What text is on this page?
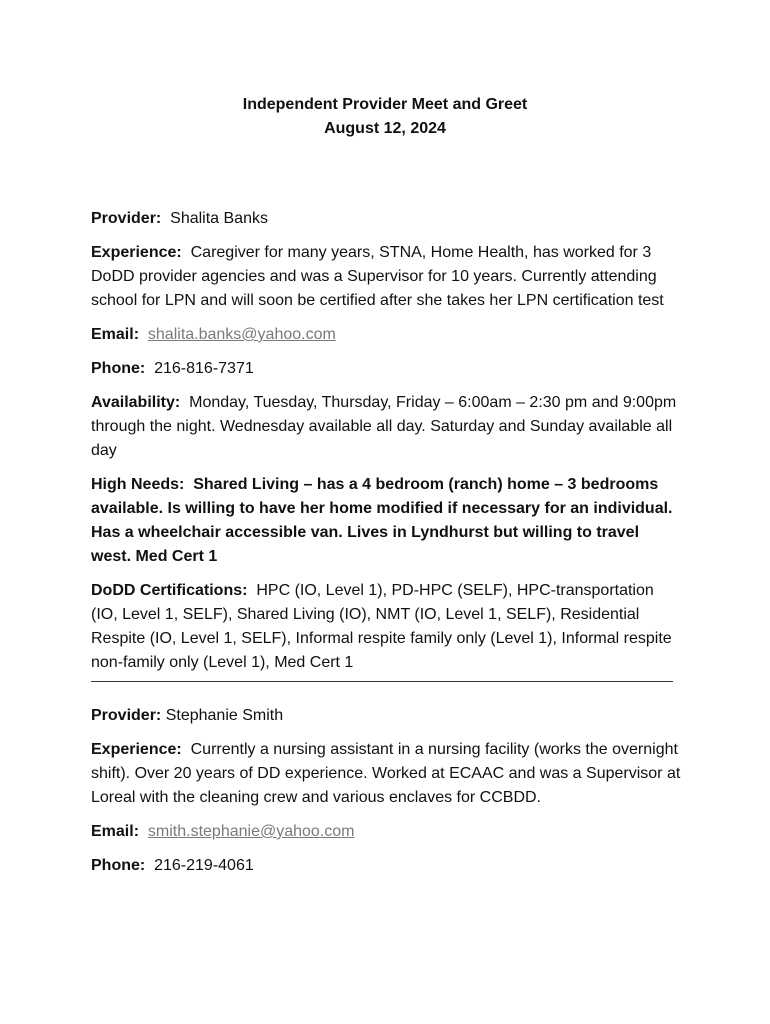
Independent Provider Meet and Greet
August 12, 2024

Provider: Shalita Banks

Experience: Caregiver for many years, STNA, Home Health, has worked for 3 DoDD provider agencies and was a Supervisor for 10 years. Currently attending school for LPN and will soon be certified after she takes her LPN certification test

Email: shalita.banks@yahoo.com

Phone: 216-816-7371

Availability: Monday, Tuesday, Thursday, Friday – 6:00am – 2:30 pm and 9:00pm through the night. Wednesday available all day. Saturday and Sunday available all day

High Needs: Shared Living – has a 4 bedroom (ranch) home – 3 bedrooms available. Is willing to have her home modified if necessary for an individual. Has a wheelchair accessible van. Lives in Lyndhurst but willing to travel west. Med Cert 1

DoDD Certifications: HPC (IO, Level 1), PD-HPC (SELF), HPC-transportation (IO, Level 1, SELF), Shared Living (IO), NMT (IO, Level 1, SELF), Residential Respite (IO, Level 1, SELF), Informal respite family only (Level 1), Informal respite non-family only (Level 1), Med Cert 1

Provider: Stephanie Smith

Experience: Currently a nursing assistant in a nursing facility (works the overnight shift). Over 20 years of DD experience. Worked at ECAAC and was a Supervisor at Loreal with the cleaning crew and various enclaves for CCBDD.

Email: smith.stephanie@yahoo.com

Phone: 216-219-4061
